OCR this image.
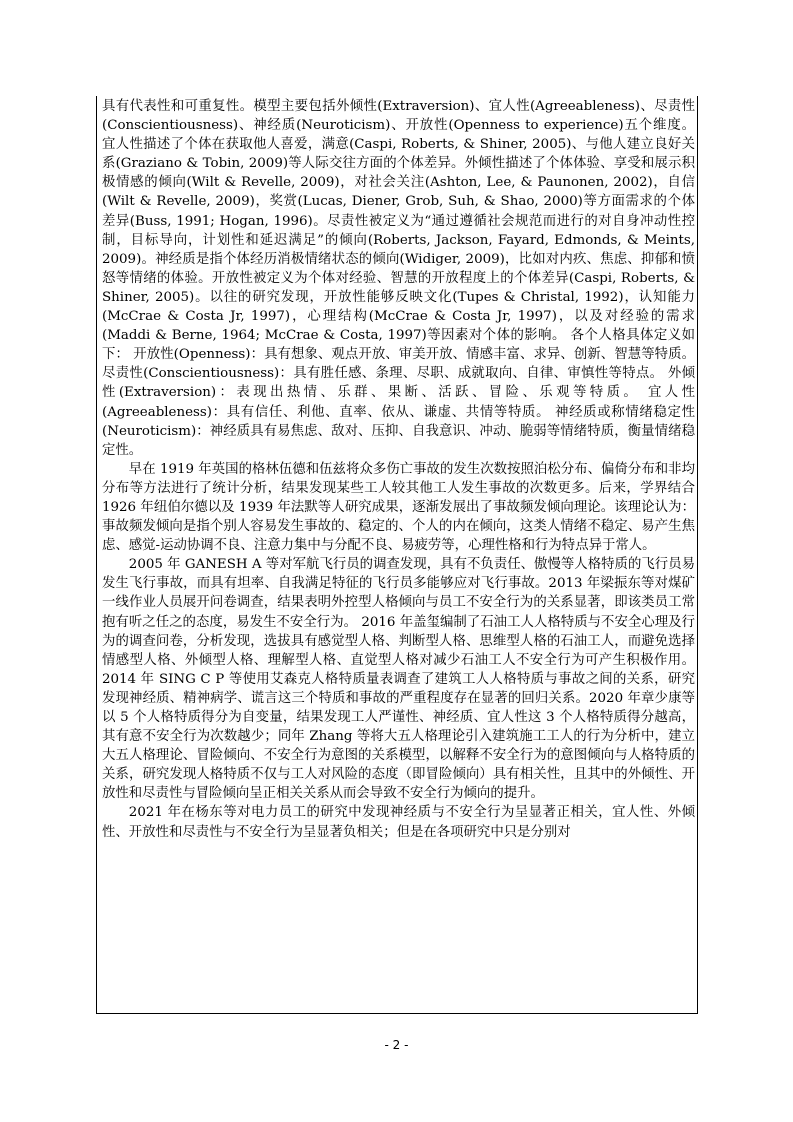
具有代表性和可重复性。模型主要包括外倾性(Extraversion)、宜人性(Agreeableness)、尽责性(Conscientiousness)、神经质(Neuroticism)、开放性(Openness to experience)五个维度。 宜人性描述了个体在获取他人喜爱，满意(Caspi, Roberts, & Shiner, 2005)、与他人建立良好关系(Graziano & Tobin, 2009)等人际交往方面的个体差异。外倾性描述了个体体验、享受和展示积极情感的倾向(Wilt & Revelle, 2009)，对社会关注(Ashton, Lee, & Paunonen, 2002)，自信(Wilt & Revelle, 2009)，奖赏(Lucas, Diener, Grob, Suh, & Shao, 2000)等方面需求的个体差异(Buss, 1991; Hogan, 1996)。尽责性被定义为“通过遵循社会规范而进行的对自身冲动性控制，目标导向，计划性和延迟满足”的倾向(Roberts, Jackson, Fayard, Edmonds, & Meints, 2009)。神经质是指个体经历消极情绪状态的倾向(Widiger, 2009)，比如对内疚、焦虑、抑郁和愤怒等情绪的体验。开放性被定义为个体对经验、智慧的开放程度上的个体差异(Caspi, Roberts, & Shiner, 2005)。以往的研究发现，开放性能够反映文化(Tupes & Christal, 1992)，认知能力(McCrae & Costa Jr, 1997)，心理结构(McCrae & Costa Jr, 1997)，以及对经验的需求(Maddi & Berne, 1964; McCrae & Costa, 1997)等因素对个体的影响。 各个人格具体定义如下： 开放性(Openness)：具有想象、观点开放、审美开放、情感丰富、求异、创新、智慧等特质。 尽责性(Conscientiousness)：具有胜任感、条理、尽职、成就取向、自律、审慎性等特点。 外倾性(Extraversion)：表现出热情、乐群、果断、活跃、冒险、乐观等特质。 宜人性(Agreeableness)：具有信任、利他、直率、依从、谦虚、共情等特质。 神经质或称情绪稳定性(Neuroticism)：神经质具有易焦虑、敌对、压抑、自我意识、冲动、脆弱等情绪特质，衡量情绪稳定性。

早在 1919 年英国的格林伍德和伍兹将众多伤亡事故的发生次数按照泊松分布、偏倚分布和非均分布等方法进行了统计分析，结果发现某些工人较其他工人发生事故的次数更多。后来，学界结合 1926 年纽伯尔德以及 1939 年法默等人研究成果，逐渐发展出了事故频发倾向理论。该理论认为：事故频发倾向是指个别人容易发生事故的、稳定的、个人的内在倾向，这类人情绪不稳定、易产生焦虑、感觉-运动协调不良、注意力集中与分配不良、易疲劳等，心理性格和行为特点异于常人。

2005 年 GANESH A 等对军航飞行员的调查发现，具有不负责任、傲慢等人格特质的飞行员易发生飞行事故，而具有坦率、自我满足特征的飞行员多能够应对飞行事故。2013 年梁振东等对煤矿一线作业人员展开问卷调查，结果表明外控型人格倾向与员工不安全行为的关系显著，即该类员工常抱有听之任之的态度，易发生不安全行为。 2016 年盖玺编制了石油工人人格特质与不安全心理及行为的调查问卷，分析发现，选拔具有感觉型人格、判断型人格、思维型人格的石油工人，而避免选择情感型人格、外倾型人格、理解型人格、直觉型人格对减少石油工人不安全行为可产生积极作用。2014 年 SING C P 等使用艾森克人格特质量表调查了建筑工人人格特质与事故之间的关系，研究发现神经质、精神病学、谎言这三个特质和事故的严重程度存在显著的回归关系。2020 年章少康等以 5 个人格特质得分为自变量，结果发现工人严谨性、神经质、宜人性这 3 个人格特质得分越高，其有意不安全行为次数越少；同年 Zhang 等将大五人格理论引入建筑施工工人的行为分析中，建立大五人格理论、冒险倾向、不安全行为意图的关系模型，以解释不安全行为的意图倾向与人格特质的关系，研究发现人格特质不仅与工人对风险的态度（即冒险倾向）具有相关性，且其中的外倾性、开放性和尽责性与冒险倾向呈正相关关系从而会导致不安全行为倾向的提升。

2021 年在杨东等对电力员工的研究中发现神经质与不安全行为呈显著正相关，宜人性、外倾性、开放性和尽责性与不安全行为呈显著负相关；但是在各项研究中只是分别对

- 2 -
